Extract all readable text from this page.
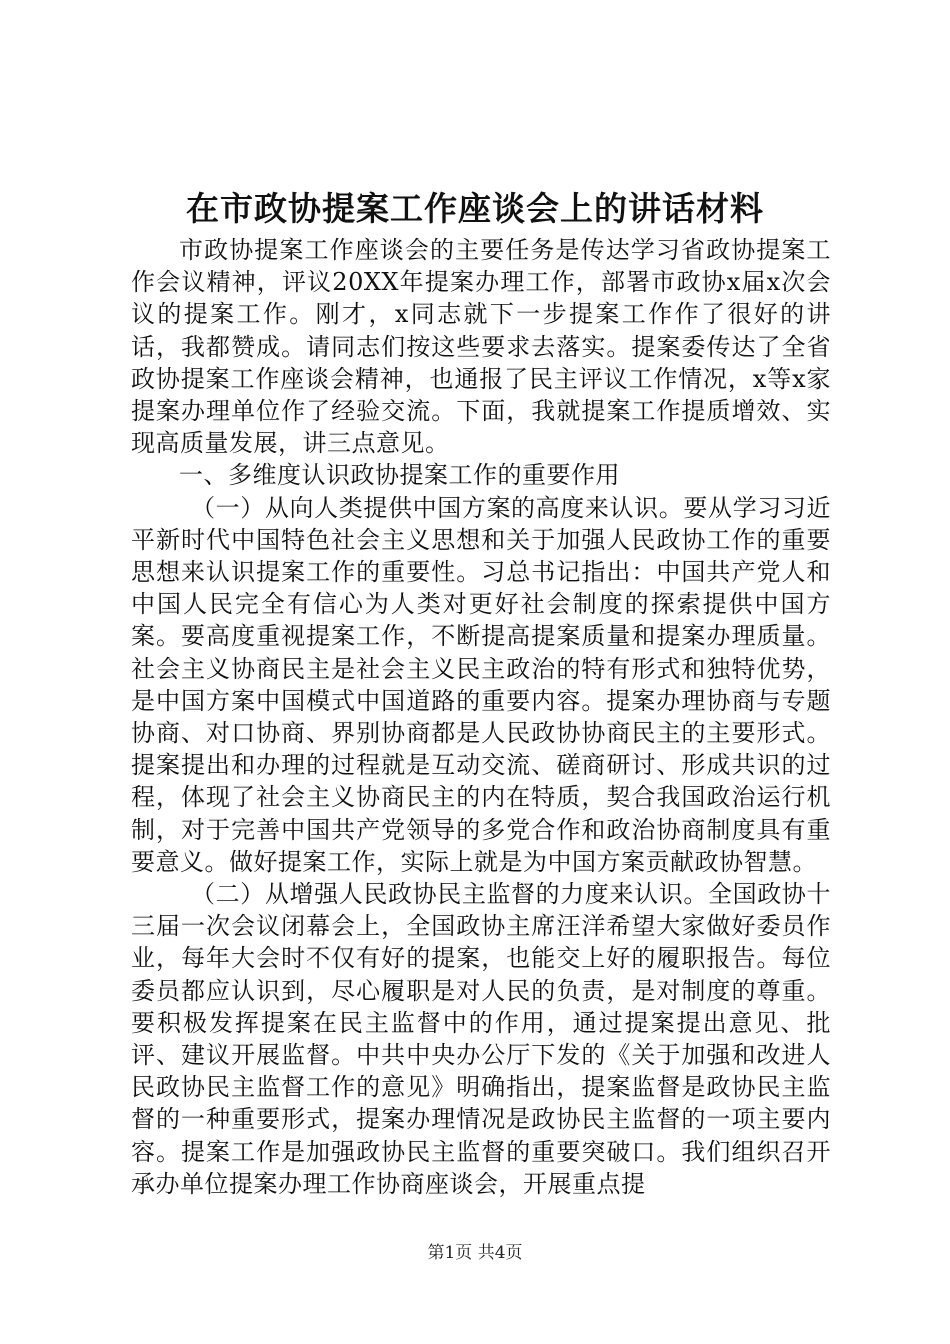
在市政协提案工作座谈会上的讲话材料

市政协提案工作座谈会的主要任务是传达学习省政协提案工作会议精神，评议20XX年提案办理工作，部署市政协x届x次会议的提案工作。刚才，x同志就下一步提案工作作了很好的讲话，我都赞成。请同志们按这些要求去落实。提案委传达了全省政协提案工作座谈会精神，也通报了民主评议工作情况，x等x家提案办理单位作了经验交流。下面，我就提案工作提质增效、实现高质量发展，讲三点意见。

一、多维度认识政协提案工作的重要作用

（一）从向人类提供中国方案的高度来认识。要从学习习近平新时代中国特色社会主义思想和关于加强人民政协工作的重要思想来认识提案工作的重要性。习总书记指出：中国共产党人和中国人民完全有信心为人类对更好社会制度的探索提供中国方案。要高度重视提案工作，不断提高提案质量和提案办理质量。社会主义协商民主是社会主义民主政治的特有形式和独特优势，是中国方案中国模式中国道路的重要内容。提案办理协商与专题协商、对口协商、界别协商都是人民政协协商民主的主要形式。提案提出和办理的过程就是互动交流、磋商研讨、形成共识的过程，体现了社会主义协商民主的内在特质，契合我国政治运行机制，对于完善中国共产党领导的多党合作和政治协商制度具有重要意义。做好提案工作，实际上就是为中国方案贡献政协智慧。

（二）从增强人民政协民主监督的力度来认识。全国政协十三届一次会议闭幕会上，全国政协主席汪洋希望大家做好委员作业，每年大会时不仅有好的提案，也能交上好的履职报告。每位委员都应认识到，尽心履职是对人民的负责，是对制度的尊重。要积极发挥提案在民主监督中的作用，通过提案提出意见、批评、建议开展监督。中共中央办公厅下发的《关于加强和改进人民政协民主监督工作的意见》明确指出，提案监督是政协民主监督的一种重要形式，提案办理情况是政协民主监督的一项主要内容。提案工作是加强政协民主监督的重要突破口。我们组织召开承办单位提案办理工作协商座谈会，开展重点提

第1页 共4页
